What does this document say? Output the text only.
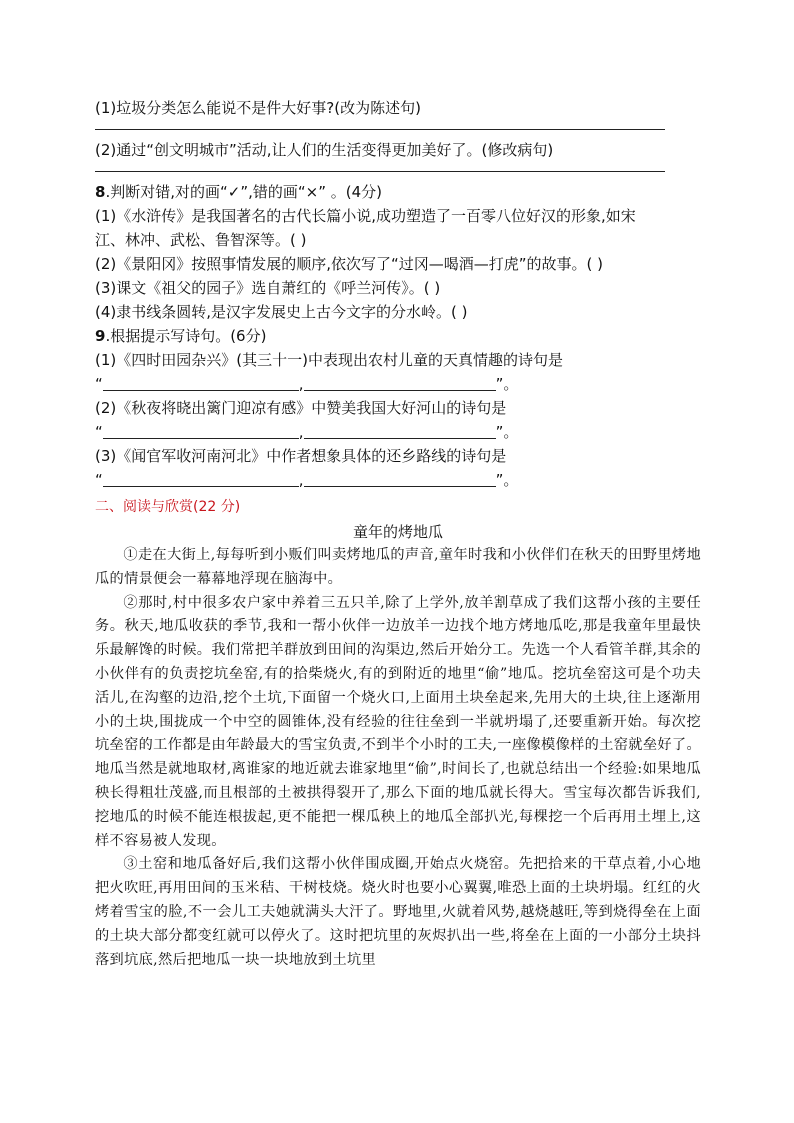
(1)垃圾分类怎么能说不是件大好事?(改为陈述句)
(2)通过“创文明城市”活动,让人们的生活变得更加美好了。(修改病句)
8.判断对错,对的画“✓”,错的画“×” 。(4分)
(1)《水浒传》是我国著名的古代长篇小说,成功塑造了一百零八位好汉的形象,如宋
江、林冲、武松、鲁智深等。( )
(2)《景阳冈》按照事情发展的顺序,依次写了“过冈—喝酒—打虎”的故事。( )
(3)课文《祖父的园子》选自萧红的《呼兰河传》。( )
(4)隶书线条圆转,是汉字发展史上古今文字的分水岭。( )
9.根据提示写诗句。(6分)
(1)《四时田园杂兴》(其三十一)中表现出农村儿童的天真情趣的诗句是
“	,	”。
(2)《秋夜将晓出篱门迎凉有感》中赞美我国大好河山的诗句是
“	,	”。
(3)《闻官军收河南河北》中作者想象具体的还乡路线的诗句是
“	,	”。
二、阅读与欣赏(22 分)
童年的烤地瓜

①走在大街上,每每听到小贩们叫卖烤地瓜的声音,童年时我和小伙伴们在秋天的田野里烤地瓜的情景便会一幕幕地浮现在脑海中。

②那时,村中很多农户家中养着三五只羊,除了上学外,放羊割草成了我们这帮小孩的主要任务。秋天,地瓜收获的季节,我和一帮小伙伴一边放羊一边找个地方烤地瓜吃,那是我童年里最快乐最解馋的时候。我们常把羊群放到田间的沟渠边,然后开始分工。先选一个人看管羊群,其余的小伙伴有的负责挖坑垒窑,有的拾柴烧火,有的到附近的地里“偷”地瓜。挖坑垒窑这可是个功夫活儿,在沟壑的边沿,挖个土坑,下面留一个烧火口,上面用土块垒起来,先用大的土块,往上逐渐用小的土块,围拢成一个中空的圆锥体,没有经验的往往垒到一半就坍塌了,还要重新开始。每次挖坑垒窑的工作都是由年龄最大的雪宝负责,不到半个小时的工夫,一座像模像样的土窑就垒好了。地瓜当然是就地取材,离谁家的地近就去谁家地里“偷”,时间长了,也就总结出一个经验:如果地瓜秧长得粗壮茂盛,而且根部的土被拱得裂开了,那么下面的地瓜就长得大。雪宝每次都告诉我们,挖地瓜的时候不能连根拔起,更不能把一棵瓜秧上的地瓜全部扒光,每棵挖一个后再用土埋上,这样不容易被人发现。

③土窑和地瓜备好后,我们这帮小伙伴围成圈,开始点火烧窑。先把拾来的干草点着,小心地把火吹旺,再用田间的玉米秸、干树枝烧。烧火时也要小心翼翼,唯恐上面的土块坍塌。红红的火烤着雪宝的脸,不一会儿工夫她就满头大汗了。野地里,火就着风势,越烧越旺,等到烧得垒在上面的土块大部分都变红就可以停火了。这时把坑里的灰烬扒出一些,将垒在上面的一小部分土块抖落到坑底,然后把地瓜一块一块地放到土坑里
